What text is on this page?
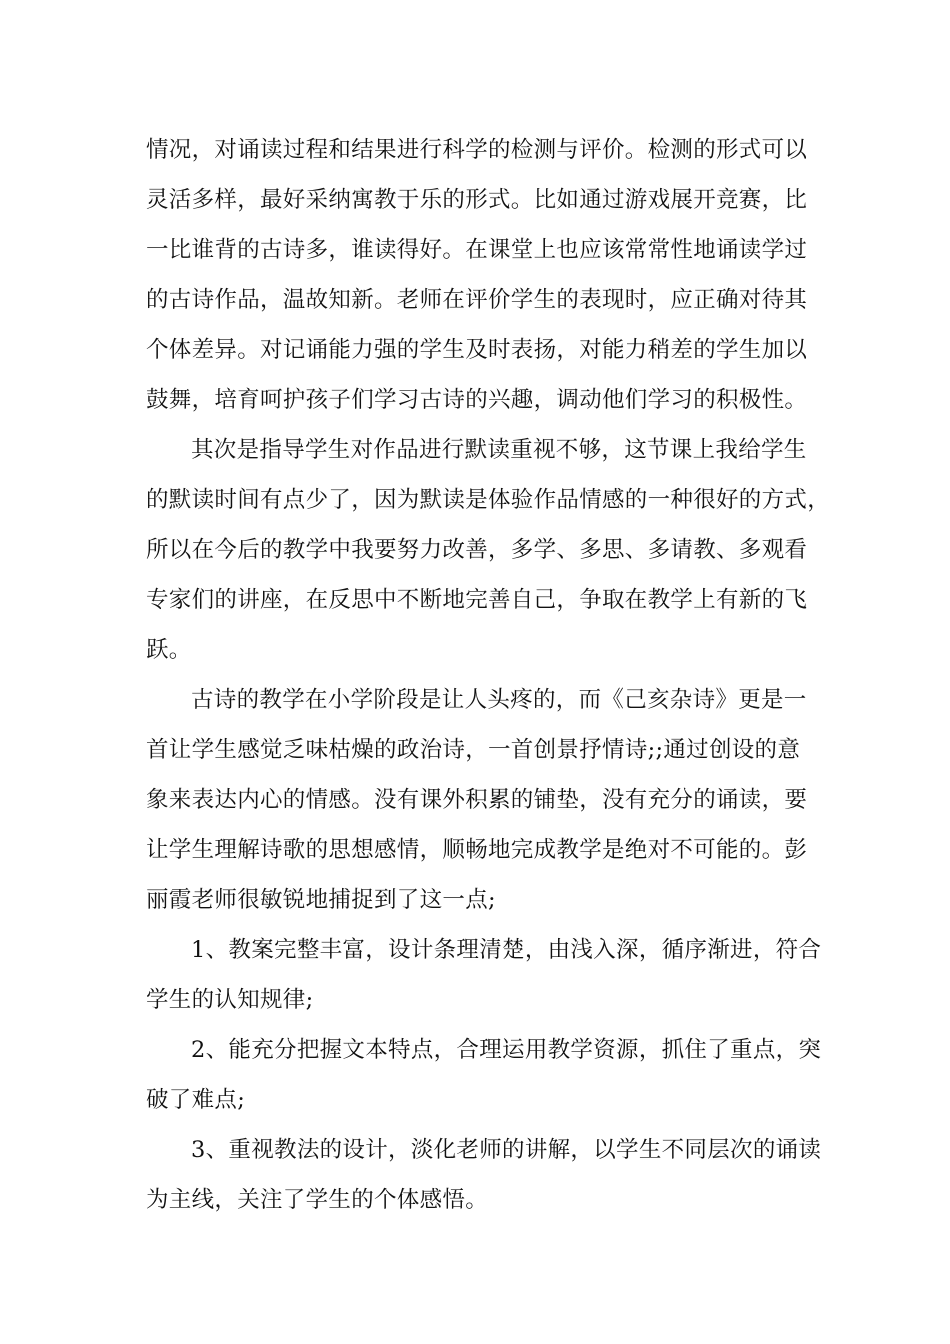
情况，对诵读过程和结果进行科学的检测与评价。检测的形式可以
灵活多样，最好采纳寓教于乐的形式。比如通过游戏展开竞赛，比
一比谁背的古诗多，谁读得好。在课堂上也应该常常性地诵读学过
的古诗作品，温故知新。老师在评价学生的表现时，应正确对待其
个体差异。对记诵能力强的学生及时表扬，对能力稍差的学生加以
鼓舞，培育呵护孩子们学习古诗的兴趣，调动他们学习的积极性。
其次是指导学生对作品进行默读重视不够，这节课上我给学生
的默读时间有点少了，因为默读是体验作品情感的一种很好的方式，
所以在今后的教学中我要努力改善，多学、多思、多请教、多观看
专家们的讲座，在反思中不断地完善自己，争取在教学上有新的飞
跃。
古诗的教学在小学阶段是让人头疼的，而《己亥杂诗》更是一
首让学生感觉乏味枯燥的政治诗，一首创景抒情诗;;通过创设的意
象来表达内心的情感。没有课外积累的铺垫，没有充分的诵读，要
让学生理解诗歌的思想感情，顺畅地完成教学是绝对不可能的。彭
丽霞老师很敏锐地捕捉到了这一点;
1、教案完整丰富，设计条理清楚，由浅入深，循序渐进，符合
学生的认知规律;
2、能充分把握文本特点，合理运用教学资源，抓住了重点，突
破了难点;
3、重视教法的设计，淡化老师的讲解，以学生不同层次的诵读
为主线，关注了学生的个体感悟。
